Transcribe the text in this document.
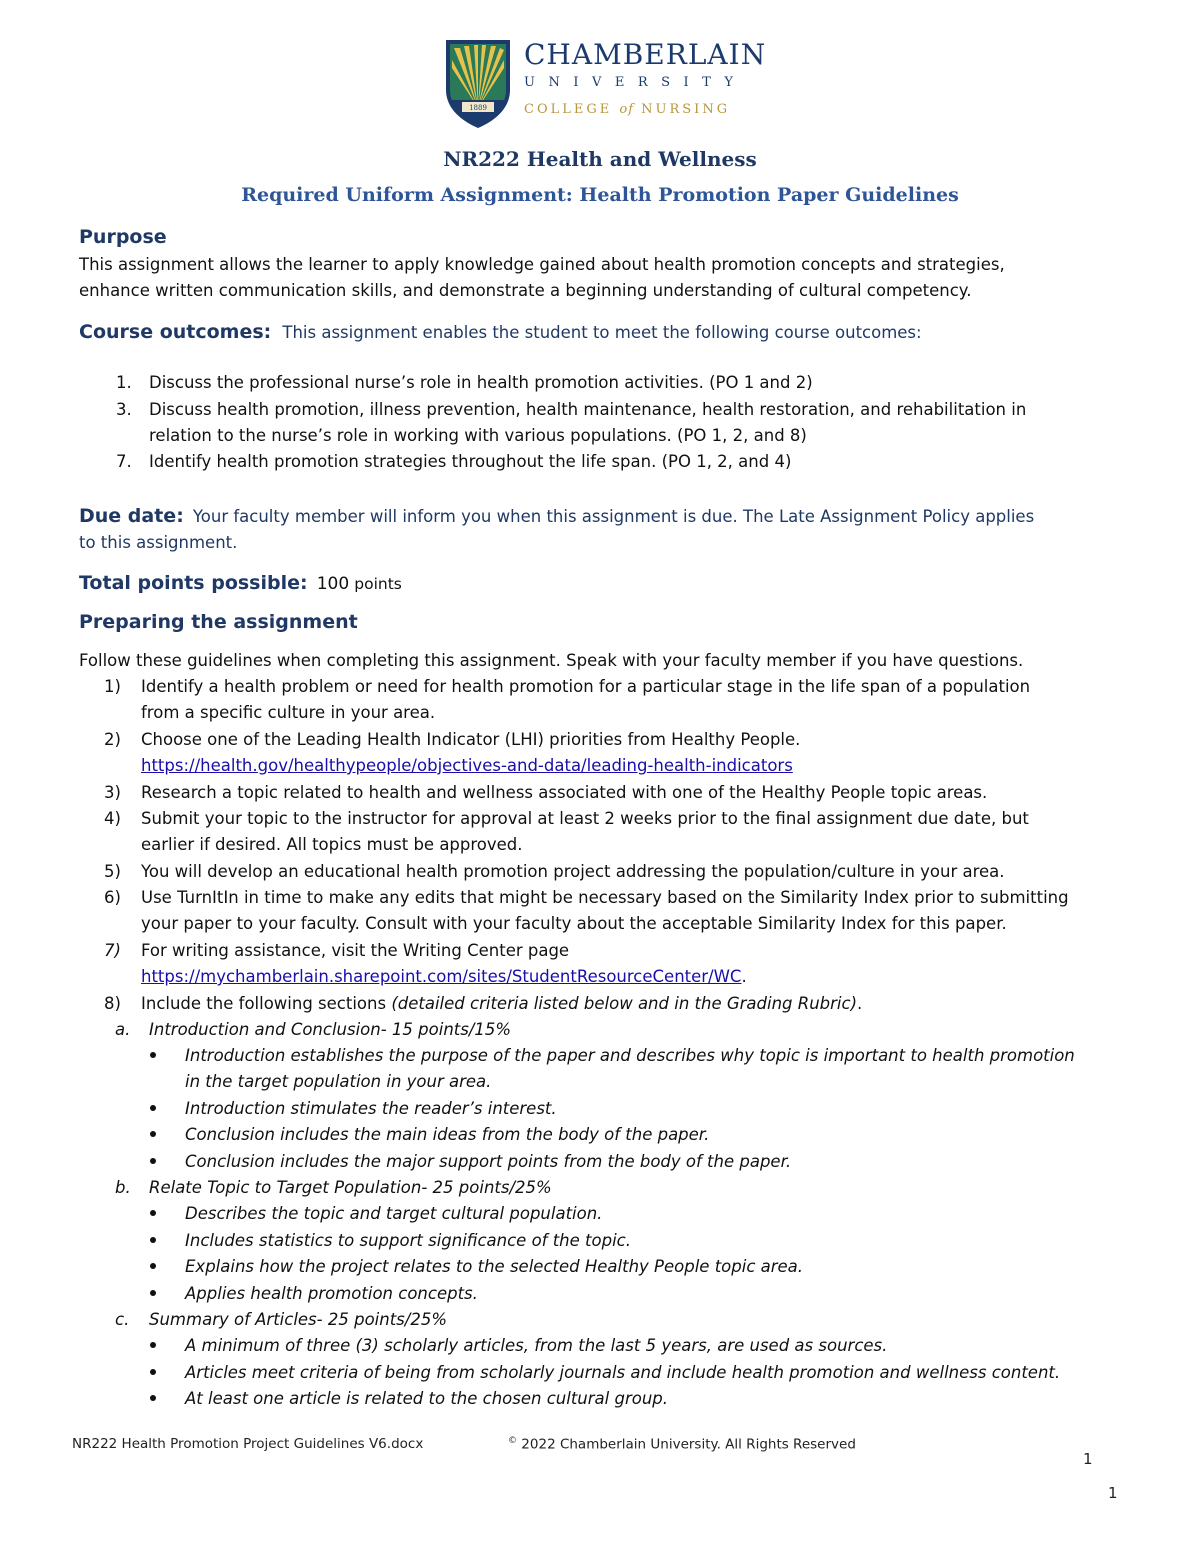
1889
CHAMBERLAIN
UNIVERSITY
COLLEGE of NURSING
NR222 Health and Wellness
Required Uniform Assignment: Health Promotion Paper Guidelines
Purpose
This assignment allows the learner to apply knowledge gained about health promotion concepts and strategies,
enhance written communication skills, and demonstrate a beginning understanding of cultural competency.
Course outcomes: This assignment enables the student to meet the following course outcomes:
1. Discuss the professional nurse’s role in health promotion activities. (PO 1 and 2)
3. Discuss health promotion, illness prevention, health maintenance, health restoration, and rehabilitation in
relation to the nurse’s role in working with various populations. (PO 1, 2, and 8)
7. Identify health promotion strategies throughout the life span. (PO 1, 2, and 4)
Due date: Your faculty member will inform you when this assignment is due. The Late Assignment Policy applies
to this assignment.
Total points possible: 100 points
Preparing the assignment
Follow these guidelines when completing this assignment. Speak with your faculty member if you have questions.
1) Identify a health problem or need for health promotion for a particular stage in the life span of a population
from a specific culture in your area.
2) Choose one of the Leading Health Indicator (LHI) priorities from Healthy People.
https://health.gov/healthypeople/objectives-and-data/leading-health-indicators
3) Research a topic related to health and wellness associated with one of the Healthy People topic areas.
4) Submit your topic to the instructor for approval at least 2 weeks prior to the final assignment due date, but
earlier if desired. All topics must be approved.
5) You will develop an educational health promotion project addressing the population/culture in your area.
6) Use TurnItIn in time to make any edits that might be necessary based on the Similarity Index prior to submitting
your paper to your faculty. Consult with your faculty about the acceptable Similarity Index for this paper.
7) For writing assistance, visit the Writing Center page
https://mychamberlain.sharepoint.com/sites/StudentResourceCenter/WC.
8) Include the following sections (detailed criteria listed below and in the Grading Rubric).
a. Introduction and Conclusion- 15 points/15%
Introduction establishes the purpose of the paper and describes why topic is important to health promotion
in the target population in your area.
Introduction stimulates the reader’s interest.
Conclusion includes the main ideas from the body of the paper.
Conclusion includes the major support points from the body of the paper.
b. Relate Topic to Target Population- 25 points/25%
Describes the topic and target cultural population.
Includes statistics to support significance of the topic.
Explains how the project relates to the selected Healthy People topic area.
Applies health promotion concepts.
c. Summary of Articles- 25 points/25%
A minimum of three (3) scholarly articles, from the last 5 years, are used as sources.
Articles meet criteria of being from scholarly journals and include health promotion and wellness content.
At least one article is related to the chosen cultural group.
NR222 Health Promotion Project Guidelines V6.docx	© 2022 Chamberlain University. All Rights Reserved
1
1
